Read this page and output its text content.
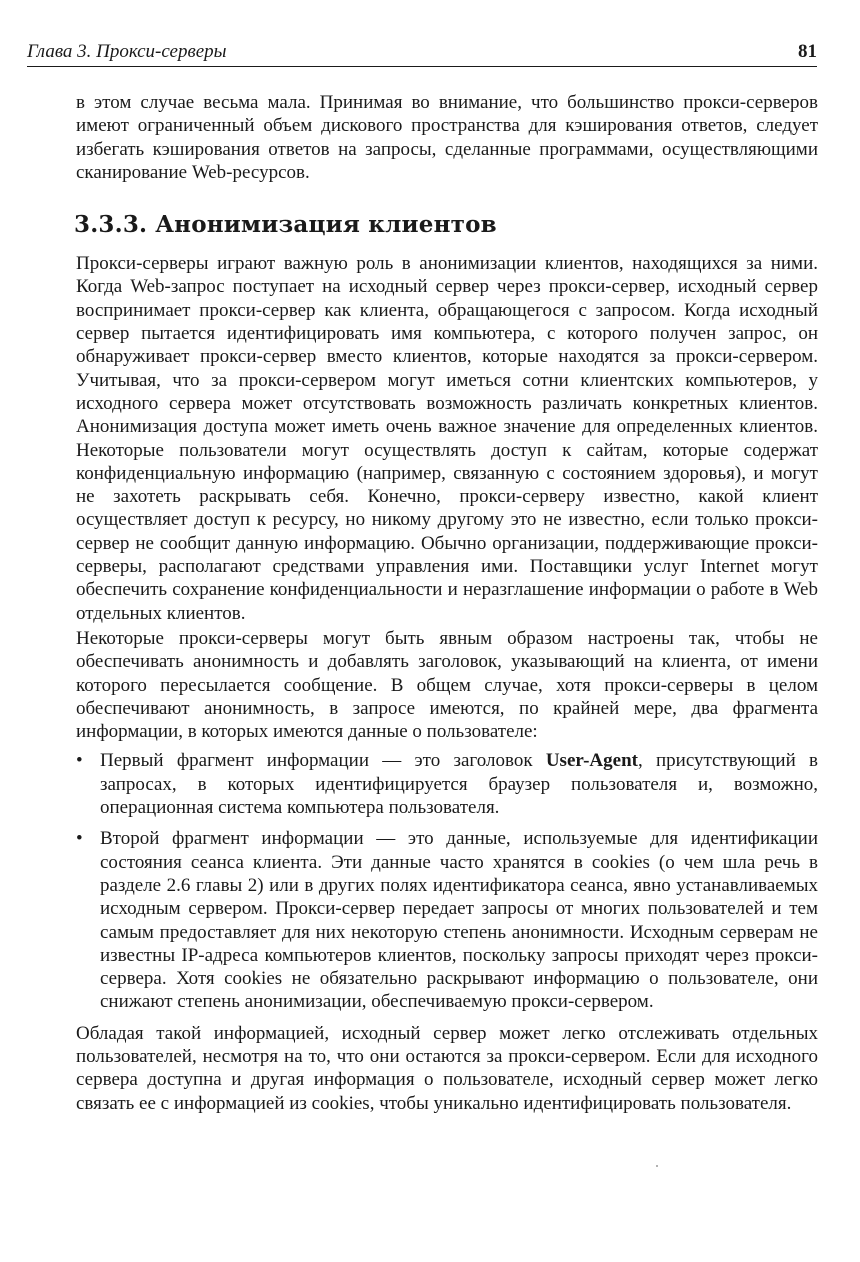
Глава 3. Прокси-серверы	81

в этом случае весьма мала. Принимая во внимание, что большинство прокси-серверов имеют ограниченный объем дискового пространства для кэширования ответов, следует избегать кэширования ответов на запросы, сделанные программами, осуществляющими сканирование Web-ресурсов.

3.3.3. Анонимизация клиентов

Прокси-серверы играют важную роль в анонимизации клиентов, находящихся за ними. Когда Web-запрос поступает на исходный сервер через прокси-сервер, исходный сервер воспринимает прокси-сервер как клиента, обращающегося с запросом. Когда исходный сервер пытается идентифицировать имя компьютера, с которого получен запрос, он обнаруживает прокси-сервер вместо клиентов, которые находятся за прокси-сервером. Учитывая, что за прокси-сервером могут иметься сотни клиентских компьютеров, у исходного сервера может отсутствовать возможность различать конкретных клиентов. Анонимизация доступа может иметь очень важное значение для определенных клиентов. Некоторые пользователи могут осуществлять доступ к сайтам, которые содержат конфиденциальную информацию (например, связанную с состоянием здоровья), и могут не захотеть раскрывать себя. Конечно, прокси-серверу известно, какой клиент осуществляет доступ к ресурсу, но никому другому это не известно, если только прокси-сервер не сообщит данную информацию. Обычно организации, поддерживающие прокси-серверы, располагают средствами управления ими. Поставщики услуг Internet могут обеспечить сохранение конфиденциальности и неразглашение информации о работе в Web отдельных клиентов.

Некоторые прокси-серверы могут быть явным образом настроены так, чтобы не обеспечивать анонимность и добавлять заголовок, указывающий на клиента, от имени которого пересылается сообщение. В общем случае, хотя прокси-серверы в целом обеспечивают анонимность, в запросе имеются, по крайней мере, два фрагмента информации, в которых имеются данные о пользователе:

• Первый фрагмент информации — это заголовок User-Agent, присутствующий в запросах, в которых идентифицируется браузер пользователя и, возможно, операционная система компьютера пользователя.
• Второй фрагмент информации — это данные, используемые для идентификации состояния сеанса клиента. Эти данные часто хранятся в cookies (о чем шла речь в разделе 2.6 главы 2) или в других полях идентификатора сеанса, явно устанавливаемых исходным сервером. Прокси-сервер передает запросы от многих пользователей и тем самым предоставляет для них некоторую степень анонимности. Исходным серверам не известны IP-адреса компьютеров клиентов, поскольку запросы приходят через прокси-сервера. Хотя cookies не обязательно раскрывают информацию о пользователе, они снижают степень анонимизации, обеспечиваемую прокси-сервером.

Обладая такой информацией, исходный сервер может легко отслеживать отдельных пользователей, несмотря на то, что они остаются за прокси-сервером. Если для исходного сервера доступна и другая информация о пользователе, исходный сервер может легко связать ее с информацией из cookies, чтобы уникально идентифицировать пользователя.
